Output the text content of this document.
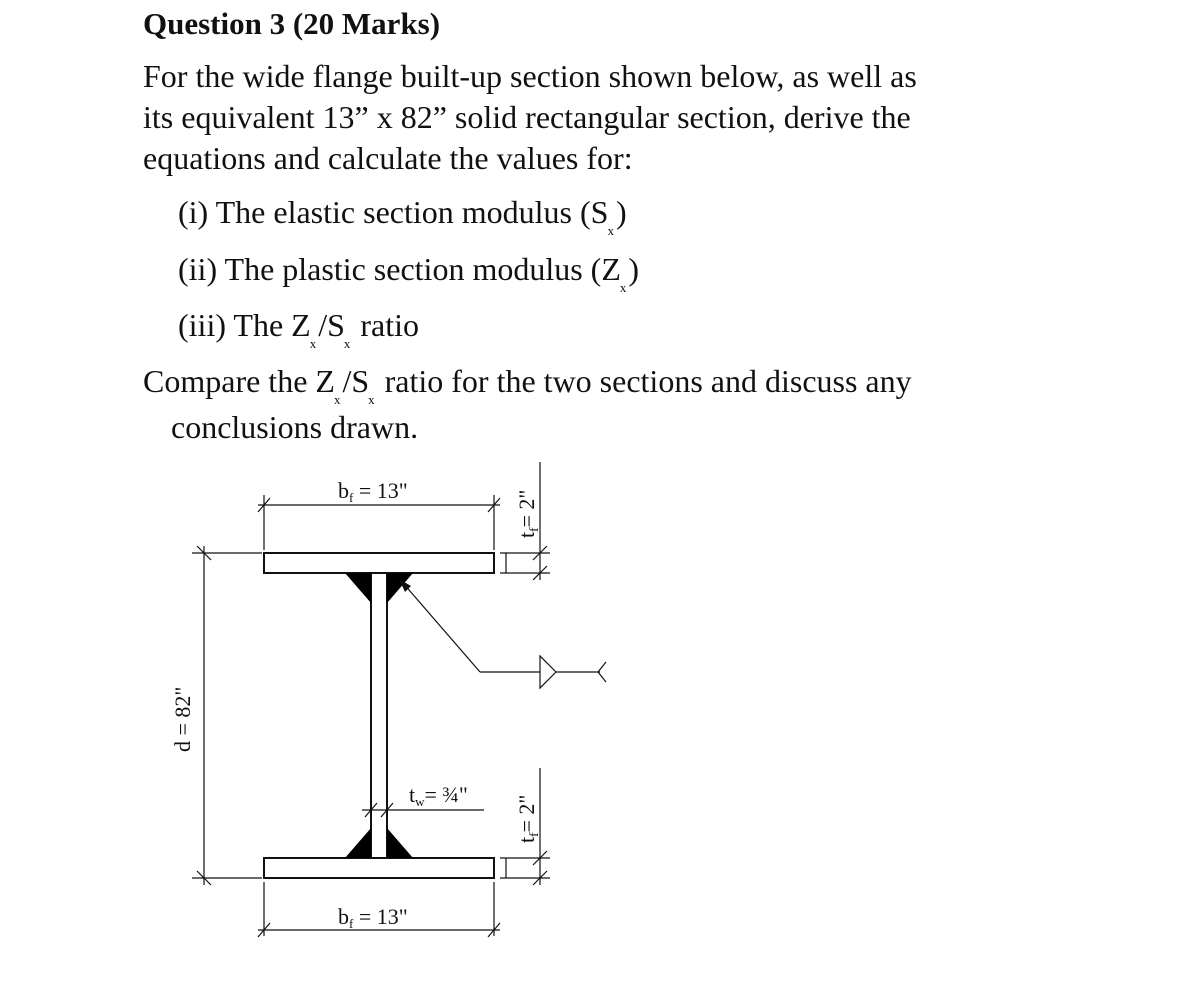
Question 3 (20 Marks)
For the wide flange built-up section shown below, as well as
its equivalent 13” x 82” solid rectangular section, derive the
equations and calculate the values for:
(i) The elastic section modulus $(S_x)$
(ii) The plastic section modulus $(Z_x)$
(iii) The $Z_x/S_x$ ratio
Compare the $Z_x/S_x$ ratio for the two sections and discuss any
conclusions drawn.
bf = 13"
bf = 13"
d = 82"
tf= 2"
tf= 2"
tw= ¾"
